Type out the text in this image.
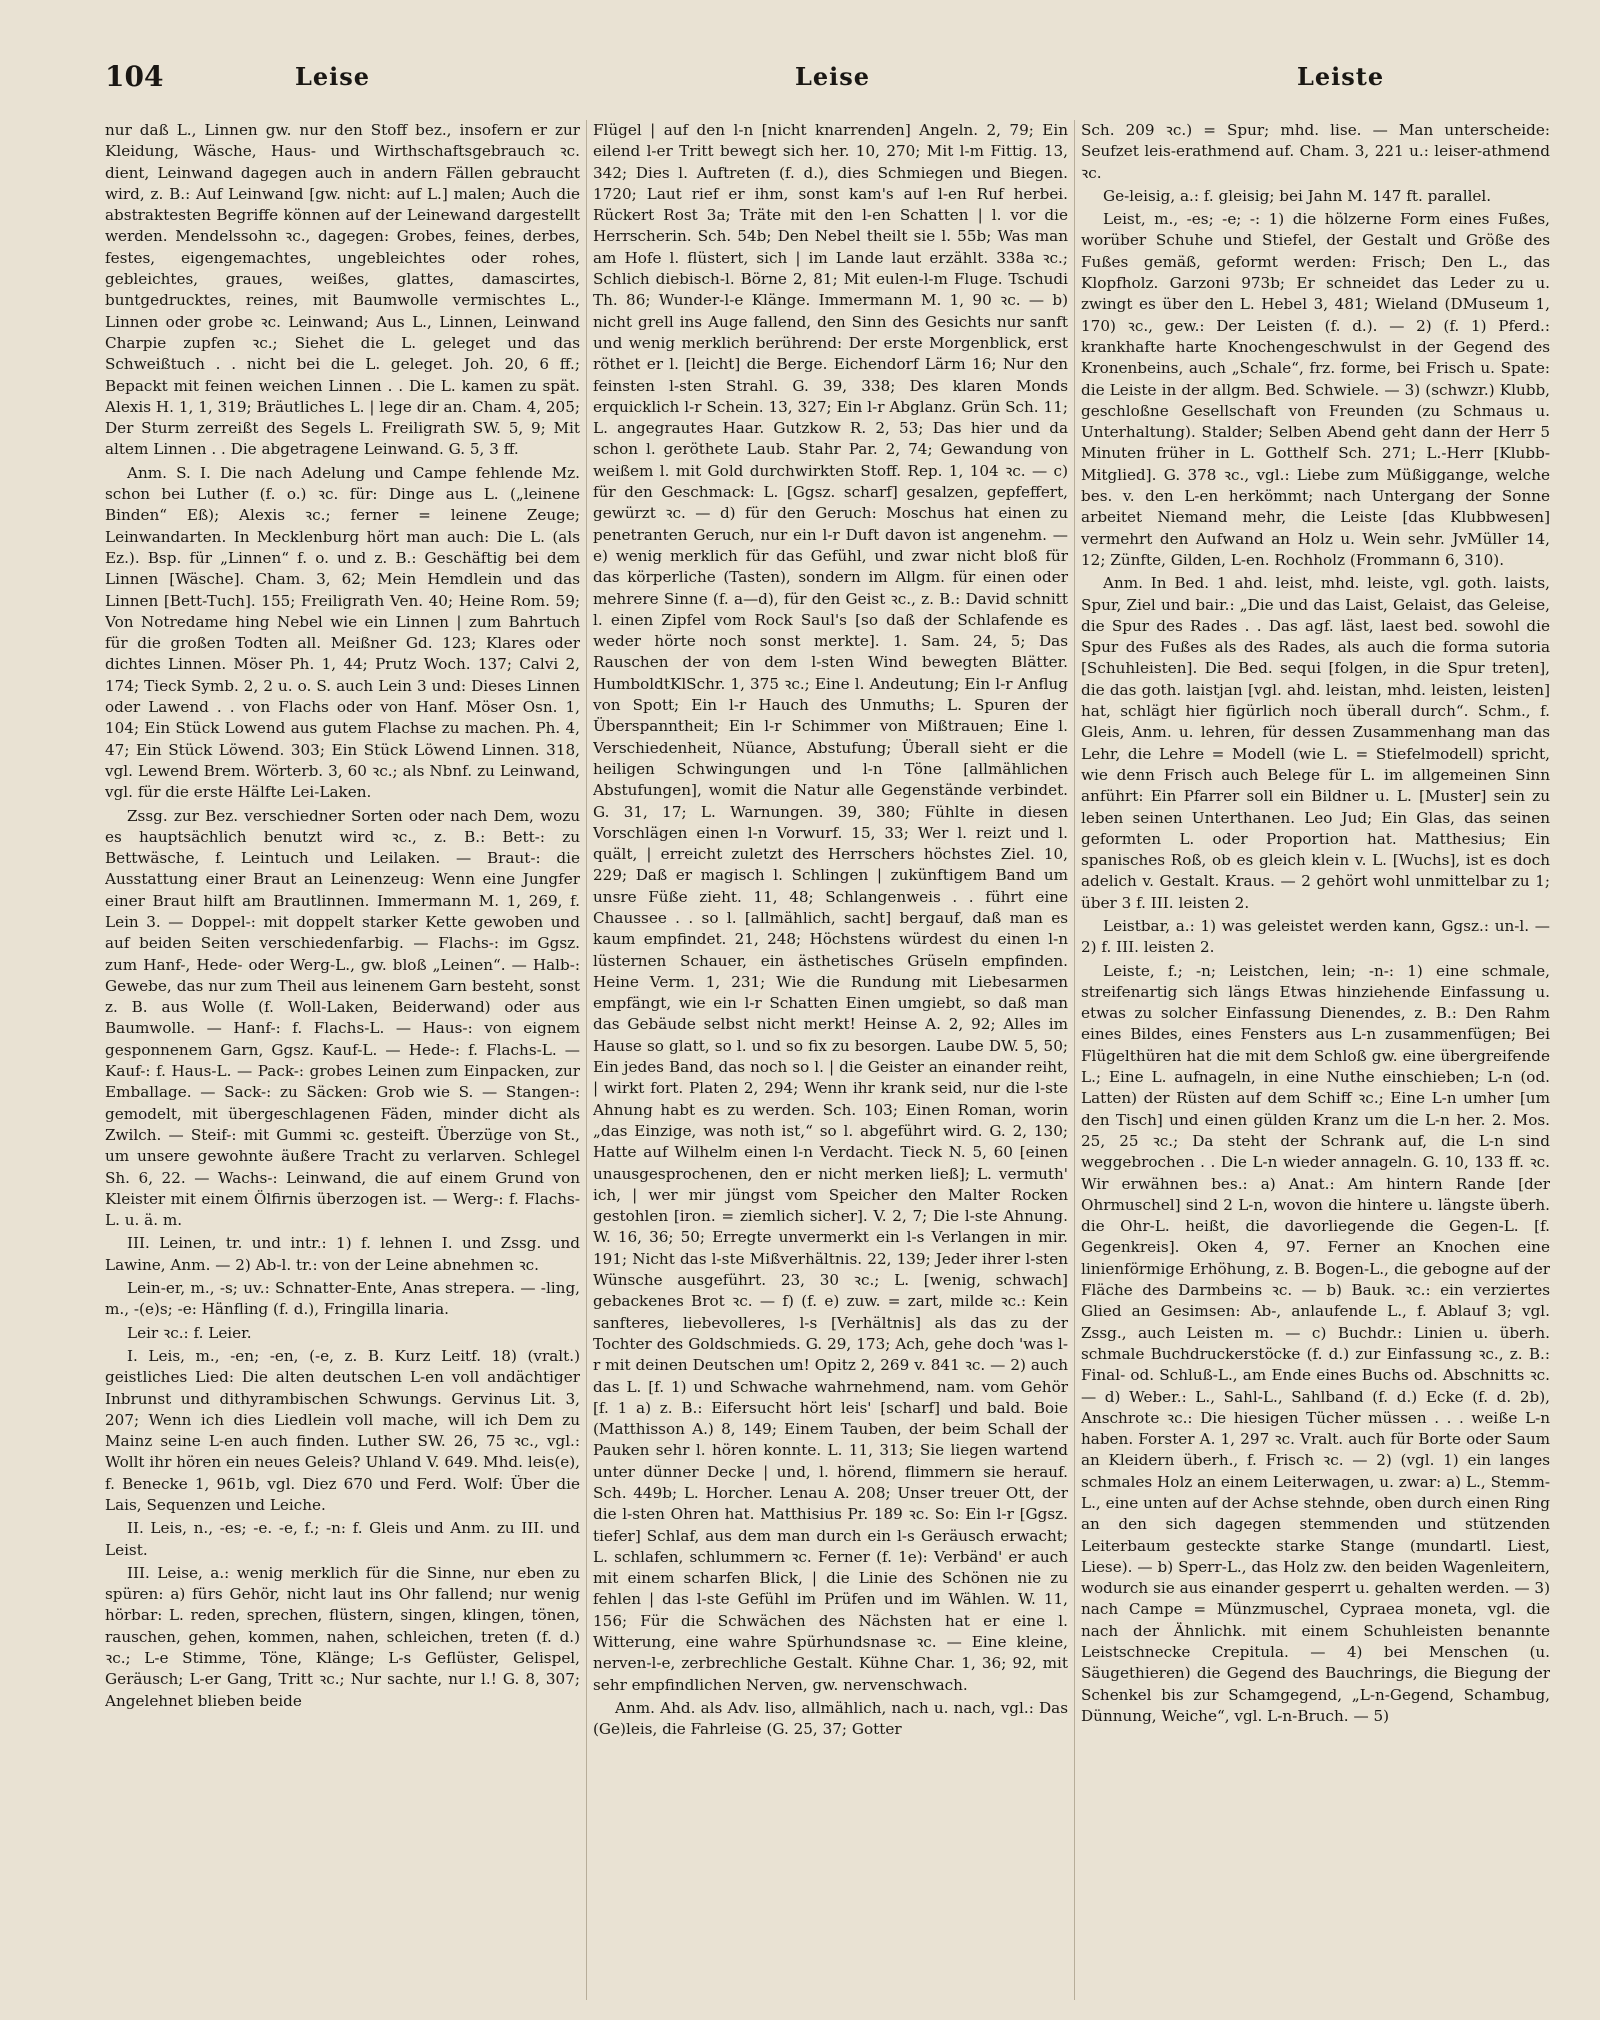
104	Leise	Leise	Leiste

nur daß L., Linnen gw. nur den Stoff bez., insofern er zur Kleidung, Wäsche, Haus- und Wirthschaftsgebrauch ꝛc. dient, Leinwand dagegen auch in andern Fällen gebraucht wird, z. B.: Auf Leinwand [gw. nicht: auf L.] malen; Auch die abstraktesten Begriffe können auf der Leinewand dargestellt werden. Mendelssohn ꝛc., dagegen: Grobes, feines, derbes, festes, eigengemachtes, ungebleichtes oder rohes, gebleichtes, graues, weißes, glattes, damascirtes, buntgedrucktes, reines, mit Baumwolle vermischtes L., Linnen oder grobe ꝛc. Leinwand; Aus L., Linnen, Leinwand Charpie zupfen ꝛc.; Siehet die L. geleget und das Schweißtuch . . nicht bei die L. geleget. Joh. 20, 6 ff.; Bepackt mit feinen weichen Linnen . . Die L. kamen zu spät. Alexis H. 1, 1, 319; Bräutliches L. | lege dir an. Cham. 4, 205; Der Sturm zerreißt des Segels L. Freiligrath SW. 5, 9; Mit altem Linnen . . Die abgetragene Leinwand. G. 5, 3 ff.

Anm. S. I. Die nach Adelung und Campe fehlende Mz. schon bei Luther (f. o.) ꝛc. für: Dinge aus L. („leinene Binden“ Eß); Alexis ꝛc.; ferner = leinene Zeuge; Leinwandarten. In Mecklenburg hört man auch: Die L. (als Ez.). Bsp. für „Linnen“ f. o. und z. B.: Geschäftig bei dem Linnen [Wäsche]. Cham. 3, 62; Mein Hemdlein und das Linnen [Bett-Tuch]. 155; Freiligrath Ven. 40; Heine Rom. 59; Von Notredame hing Nebel wie ein Linnen | zum Bahrtuch für die großen Todten all. Meißner Gd. 123; Klares oder dichtes Linnen. Möser Ph. 1, 44; Prutz Woch. 137; Calvi 2, 174; Tieck Symb. 2, 2 u. o. S. auch Lein 3 und: Dieses Linnen oder Lawend . . von Flachs oder von Hanf. Möser Osn. 1, 104; Ein Stück Lowend aus gutem Flachse zu machen. Ph. 4, 47; Ein Stück Löwend. 303; Ein Stück Löwend Linnen. 318, vgl. Lewend Brem. Wörterb. 3, 60 ꝛc.; als Nbnf. zu Leinwand, vgl. für die erste Hälfte Lei-Laken.

Zssg. zur Bez. verschiedner Sorten oder nach Dem, wozu es hauptsächlich benutzt wird ꝛc., z. B.: Bett-: zu Bettwäsche, f. Leintuch und Leilaken. — Braut-: die Ausstattung einer Braut an Leinenzeug: Wenn eine Jungfer einer Braut hilft am Brautlinnen. Immermann M. 1, 269, f. Lein 3. — Doppel-: mit doppelt starker Kette gewoben und auf beiden Seiten verschiedenfarbig. — Flachs-: im Ggsz. zum Hanf-, Hede- oder Werg-L., gw. bloß „Leinen“. — Halb-: Gewebe, das nur zum Theil aus leinenem Garn besteht, sonst z. B. aus Wolle (f. Woll-Laken, Beiderwand) oder aus Baumwolle. — Hanf-: f. Flachs-L. — Haus-: von eignem gesponnenem Garn, Ggsz. Kauf-L. — Hede-: f. Flachs-L. — Kauf-: f. Haus-L. — Pack-: grobes Leinen zum Einpacken, zur Emballage. — Sack-: zu Säcken: Grob wie S. — Stangen-: gemodelt, mit übergeschlagenen Fäden, minder dicht als Zwilch. — Steif-: mit Gummi ꝛc. gesteift. Überzüge von St., um unsere gewohnte äußere Tracht zu verlarven. Schlegel Sh. 6, 22. — Wachs-: Leinwand, die auf einem Grund von Kleister mit einem Ölfirnis überzogen ist. — Werg-: f. Flachs-L. u. ä. m.

III. Leinen, tr. und intr.: 1) f. lehnen I. und Zssg. und Lawine, Anm. — 2) Ab-l. tr.: von der Leine abnehmen ꝛc.

Lein-er, m., -s; uv.: Schnatter-Ente, Anas strepera. — -ling, m., -(e)s; -e: Hänfling (f. d.), Fringilla linaria.

Leir ꝛc.: f. Leier.

I. Leis, m., -en; -en, (-e, z. B. Kurz Leitf. 18) (vralt.) geistliches Lied: Die alten deutschen L-en voll andächtiger Inbrunst und dithyrambischen Schwungs. Gervinus Lit. 3, 207; Wenn ich dies Liedlein voll mache, will ich Dem zu Mainz seine L-en auch finden. Luther SW. 26, 75 ꝛc., vgl.: Wollt ihr hören ein neues Geleis? Uhland V. 649. Mhd. leis(e), f. Benecke 1, 961b, vgl. Diez 670 und Ferd. Wolf: Über die Lais, Sequenzen und Leiche.

II. Leis, n., -es; -e. -e, f.; -n: f. Gleis und Anm. zu III. und Leist.

III. Leise, a.: wenig merklich für die Sinne, nur eben zu spüren: a) fürs Gehör, nicht laut ins Ohr fallend; nur wenig hörbar: L. reden, sprechen, flüstern, singen, klingen, tönen, rauschen, gehen, kommen, nahen, schleichen, treten (f. d.) ꝛc.; L-e Stimme, Töne, Klänge; L-s Geflüster, Gelispel, Geräusch; L-er Gang, Tritt ꝛc.; Nur sachte, nur l.! G. 8, 307; Angelehnet blieben beide

Flügel | auf den l-n [nicht knarrenden] Angeln. 2, 79; Ein eilend l-er Tritt bewegt sich her. 10, 270; Mit l-m Fittig. 13, 342; Dies l. Auftreten (f. d.), dies Schmiegen und Biegen. 1720; Laut rief er ihm, sonst kam's auf l-en Ruf herbei. Rückert Rost 3a; Träte mit den l-en Schatten | l. vor die Herrscherin. Sch. 54b; Den Nebel theilt sie l. 55b; Was man am Hofe l. flüstert, sich | im Lande laut erzählt. 338a ꝛc.; Schlich diebisch-l. Börne 2, 81; Mit eulen-l-m Fluge. Tschudi Th. 86; Wunder-l-e Klänge. Immermann M. 1, 90 ꝛc. — b) nicht grell ins Auge fallend, den Sinn des Gesichts nur sanft und wenig merklich berührend: Der erste Morgenblick, erst röthet er l. [leicht] die Berge. Eichendorf Lärm 16; Nur den feinsten l-sten Strahl. G. 39, 338; Des klaren Monds erquicklich l-r Schein. 13, 327; Ein l-r Abglanz. Grün Sch. 11; L. angegrautes Haar. Gutzkow R. 2, 53; Das hier und da schon l. geröthete Laub. Stahr Par. 2, 74; Gewandung von weißem l. mit Gold durchwirkten Stoff. Rep. 1, 104 ꝛc. — c) für den Geschmack: L. [Ggsz. scharf] gesalzen, gepfeffert, gewürzt ꝛc. — d) für den Geruch: Moschus hat einen zu penetranten Geruch, nur ein l-r Duft davon ist angenehm. — e) wenig merklich für das Gefühl, und zwar nicht bloß für das körperliche (Tasten), sondern im Allgm. für einen oder mehrere Sinne (f. a—d), für den Geist ꝛc., z. B.: David schnitt l. einen Zipfel vom Rock Saul's [so daß der Schlafende es weder hörte noch sonst merkte]. 1. Sam. 24, 5; Das Rauschen der von dem l-sten Wind bewegten Blätter. HumboldtKlSchr. 1, 375 ꝛc.; Eine l. Andeutung; Ein l-r Anflug von Spott; Ein l-r Hauch des Unmuths; L. Spuren der Überspanntheit; Ein l-r Schimmer von Mißtrauen; Eine l. Verschiedenheit, Nüance, Abstufung; Überall sieht er die heiligen Schwingungen und l-n Töne [allmählichen Abstufungen], womit die Natur alle Gegenstände verbindet. G. 31, 17; L. Warnungen. 39, 380; Fühlte in diesen Vorschlägen einen l-n Vorwurf. 15, 33; Wer l. reizt und l. quält, | erreicht zuletzt des Herrschers höchstes Ziel. 10, 229; Daß er magisch l. Schlingen | zukünftigem Band um unsre Füße zieht. 11, 48; Schlangenweis . . führt eine Chaussee . . so l. [allmählich, sacht] bergauf, daß man es kaum empfindet. 21, 248; Höchstens würdest du einen l-n lüsternen Schauer, ein ästhetisches Grüseln empfinden. Heine Verm. 1, 231; Wie die Rundung mit Liebesarmen empfängt, wie ein l-r Schatten Einen umgiebt, so daß man das Gebäude selbst nicht merkt! Heinse A. 2, 92; Alles im Hause so glatt, so l. und so fix zu besorgen. Laube DW. 5, 50; Ein jedes Band, das noch so l. | die Geister an einander reiht, | wirkt fort. Platen 2, 294; Wenn ihr krank seid, nur die l-ste Ahnung habt es zu werden. Sch. 103; Einen Roman, worin „das Einzige, was noth ist,“ so l. abgeführt wird. G. 2, 130; Hatte auf Wilhelm einen l-n Verdacht. Tieck N. 5, 60 [einen unausgesprochenen, den er nicht merken ließ]; L. vermuth' ich, | wer mir jüngst vom Speicher den Malter Rocken gestohlen [iron. = ziemlich sicher]. V. 2, 7; Die l-ste Ahnung. W. 16, 36; 50; Erregte unvermerkt ein l-s Verlangen in mir. 191; Nicht das l-ste Mißverhältnis. 22, 139; Jeder ihrer l-sten Wünsche ausgeführt. 23, 30 ꝛc.; L. [wenig, schwach] gebackenes Brot ꝛc. — f) (f. e) zuw. = zart, milde ꝛc.: Kein sanfteres, liebevolleres, l-s [Verhältnis] als das zu der Tochter des Goldschmieds. G. 29, 173; Ach, gehe doch 'was l-r mit deinen Deutschen um! Opitz 2, 269 v. 841 ꝛc. — 2) auch das L. [f. 1) und Schwache wahrnehmend, nam. vom Gehör [f. 1 a) z. B.: Eifersucht hört leis' [scharf] und bald. Boie (Matthisson A.) 8, 149; Einem Tauben, der beim Schall der Pauken sehr l. hören konnte. L. 11, 313; Sie liegen wartend unter dünner Decke | und, l. hörend, flimmern sie herauf. Sch. 449b; L. Horcher. Lenau A. 208; Unser treuer Ott, der die l-sten Ohren hat. Matthisius Pr. 189 ꝛc. So: Ein l-r [Ggsz. tiefer] Schlaf, aus dem man durch ein l-s Geräusch erwacht; L. schlafen, schlummern ꝛc. Ferner (f. 1e): Verbänd' er auch mit einem scharfen Blick, | die Linie des Schönen nie zu fehlen | das l-ste Gefühl im Prüfen und im Wählen. W. 11, 156; Für die Schwächen des Nächsten hat er eine l. Witterung, eine wahre Spürhundsnase ꝛc. — Eine kleine, nerven-l-e, zerbrechliche Gestalt. Kühne Char. 1, 36; 92, mit sehr empfindlichen Nerven, gw. nervenschwach.

Anm. Ahd. als Adv. liso, allmählich, nach u. nach, vgl.: Das (Ge)leis, die Fahrleise (G. 25, 37; Gotter

Sch. 209 ꝛc.) = Spur; mhd. lise. — Man unterscheide: Seufzet leis-erathmend auf. Cham. 3, 221 u.: leiser-athmend ꝛc.

Ge-leisig, a.: f. gleisig; bei Jahn M. 147 ft. parallel.

Leist, m., -es; -e; -: 1) die hölzerne Form eines Fußes, worüber Schuhe und Stiefel, der Gestalt und Größe des Fußes gemäß, geformt werden: Frisch; Den L., das Klopfholz. Garzoni 973b; Er schneidet das Leder zu u. zwingt es über den L. Hebel 3, 481; Wieland (DMuseum 1, 170) ꝛc., gew.: Der Leisten (f. d.). — 2) (f. 1) Pferd.: krankhafte harte Knochengeschwulst in der Gegend des Kronenbeins, auch „Schale“, frz. forme, bei Frisch u. Spate: die Leiste in der allgm. Bed. Schwiele. — 3) (schwzr.) Klubb, geschloßne Gesellschaft von Freunden (zu Schmaus u. Unterhaltung). Stalder; Selben Abend geht dann der Herr 5 Minuten früher in L. Gotthelf Sch. 271; L.-Herr [Klubb-Mitglied]. G. 378 ꝛc., vgl.: Liebe zum Müßiggange, welche bes. v. den L-en herkömmt; nach Untergang der Sonne arbeitet Niemand mehr, die Leiste [das Klubbwesen] vermehrt den Aufwand an Holz u. Wein sehr. JvMüller 14, 12; Zünfte, Gilden, L-en. Rochholz (Frommann 6, 310).

Anm. In Bed. 1 ahd. leist, mhd. leiste, vgl. goth. laists, Spur, Ziel und bair.: „Die und das Laist, Gelaist, das Geleise, die Spur des Rades . . Das agf. läst, laest bed. sowohl die Spur des Fußes als des Rades, als auch die forma sutoria [Schuhleisten]. Die Bed. sequi [folgen, in die Spur treten], die das goth. laistjan [vgl. ahd. leistan, mhd. leisten, leisten] hat, schlägt hier figürlich noch überall durch“. Schm., f. Gleis, Anm. u. lehren, für dessen Zusammenhang man das Lehr, die Lehre = Modell (wie L. = Stiefelmodell) spricht, wie denn Frisch auch Belege für L. im allgemeinen Sinn anführt: Ein Pfarrer soll ein Bildner u. L. [Muster] sein zu leben seinen Unterthanen. Leo Jud; Ein Glas, das seinen geformten L. oder Proportion hat. Matthesius; Ein spanisches Roß, ob es gleich klein v. L. [Wuchs], ist es doch adelich v. Gestalt. Kraus. — 2 gehört wohl unmittelbar zu 1; über 3 f. III. leisten 2.

Leistbar, a.: 1) was geleistet werden kann, Ggsz.: un-l. — 2) f. III. leisten 2.

Leiste, f.; -n; Leistchen, lein; -n-: 1) eine schmale, streifenartig sich längs Etwas hinziehende Einfassung u. etwas zu solcher Einfassung Dienendes, z. B.: Den Rahm eines Bildes, eines Fensters aus L-n zusammenfügen; Bei Flügelthüren hat die mit dem Schloß gw. eine übergreifende L.; Eine L. aufnageln, in eine Nuthe einschieben; L-n (od. Latten) der Rüsten auf dem Schiff ꝛc.; Eine L-n umher [um den Tisch] und einen gülden Kranz um die L-n her. 2. Mos. 25, 25 ꝛc.; Da steht der Schrank auf, die L-n sind weggebrochen . . Die L-n wieder annageln. G. 10, 133 ff. ꝛc. Wir erwähnen bes.: a) Anat.: Am hintern Rande [der Ohrmuschel] sind 2 L-n, wovon die hintere u. längste überh. die Ohr-L. heißt, die davorliegende die Gegen-L. [f. Gegenkreis]. Oken 4, 97. Ferner an Knochen eine linienförmige Erhöhung, z. B. Bogen-L., die gebogne auf der Fläche des Darmbeins ꝛc. — b) Bauk. ꝛc.: ein verziertes Glied an Gesimsen: Ab-, anlaufende L., f. Ablauf 3; vgl. Zssg., auch Leisten m. — c) Buchdr.: Linien u. überh. schmale Buchdruckerstöcke (f. d.) zur Einfassung ꝛc., z. B.: Final- od. Schluß-L., am Ende eines Buchs od. Abschnitts ꝛc. — d) Weber.: L., Sahl-L., Sahlband (f. d.) Ecke (f. d. 2b), Anschrote ꝛc.: Die hiesigen Tücher müssen . . . weiße L-n haben. Forster A. 1, 297 ꝛc. Vralt. auch für Borte oder Saum an Kleidern überh., f. Frisch ꝛc. — 2) (vgl. 1) ein langes schmales Holz an einem Leiterwagen, u. zwar: a) L., Stemm-L., eine unten auf der Achse stehnde, oben durch einen Ring an den sich dagegen stemmenden und stützenden Leiterbaum gesteckte starke Stange (mundartl. Liest, Liese). — b) Sperr-L., das Holz zw. den beiden Wagenleitern, wodurch sie aus einander gesperrt u. gehalten werden. — 3) nach Campe = Münzmuschel, Cypraea moneta, vgl. die nach der Ähnlichk. mit einem Schuhleisten benannte Leistschnecke Crepitula. — 4) bei Menschen (u. Säugethieren) die Gegend des Bauchrings, die Biegung der Schenkel bis zur Schamgegend, „L-n-Gegend, Schambug, Dünnung, Weiche“, vgl. L-n-Bruch. — 5)
